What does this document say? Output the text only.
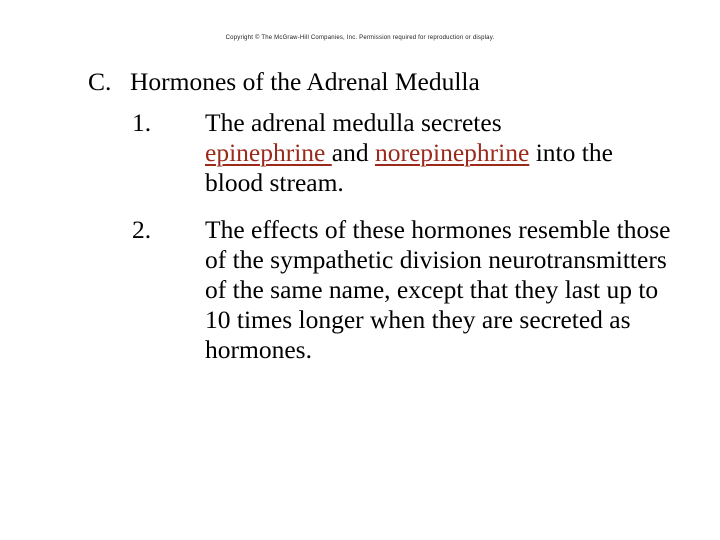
Copyright © The McGraw-Hill Companies, Inc. Permission required for reproduction or display.
C. Hormones of the Adrenal Medulla
1. The adrenal medulla secretes
epinephrine and norepinephrine into the
blood stream.
2. The effects of these hormones resemble those of the sympathetic division neurotransmitters of the same name, except that they last up to 10 times longer when they are secreted as hormones.
